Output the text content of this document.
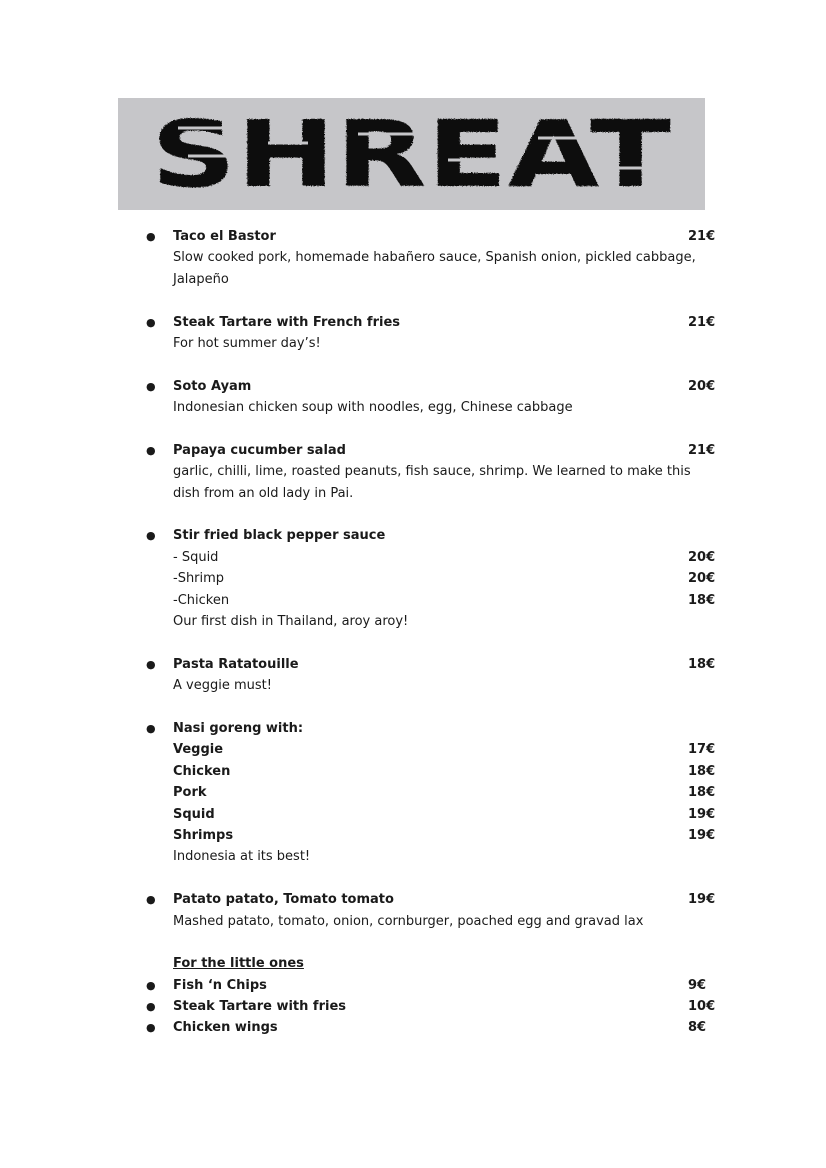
SHREAT
● Taco el Bastor	21€
Slow cooked pork, homemade habañero sauce, Spanish onion, pickled cabbage,
Jalapeño
● Steak Tartare with French fries	21€
For hot summer day’s!
● Soto Ayam	20€
Indonesian chicken soup with noodles, egg, Chinese cabbage
● Papaya cucumber salad	21€
garlic, chilli, lime, roasted peanuts, fish sauce, shrimp. We learned to make this
dish from an old lady in Pai.
● Stir fried black pepper sauce
- Squid	20€
-Shrimp	20€
-Chicken	18€
Our first dish in Thailand, aroy aroy!
● Pasta Ratatouille	18€
A veggie must!
● Nasi goreng with:
Veggie	17€
Chicken	18€
Pork	18€
Squid	19€
Shrimps	19€
Indonesia at its best!
● Patato patato, Tomato tomato	19€
Mashed patato, tomato, onion, cornburger, poached egg and gravad lax
For the little ones
● Fish ‘n Chips	9€
● Steak Tartare with fries	10€
● Chicken wings	8€
